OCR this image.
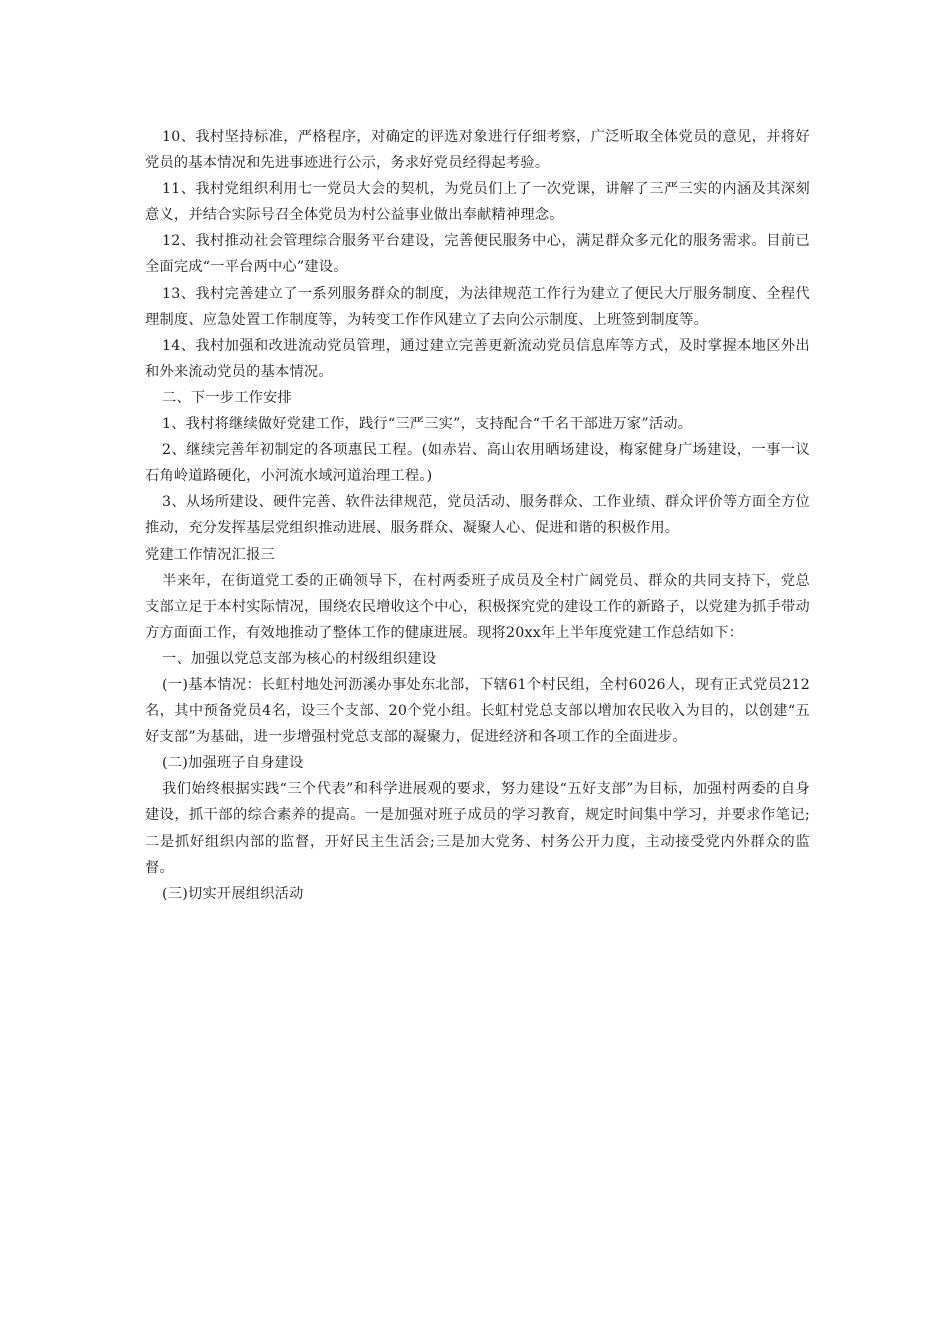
10、我村坚持标准，严格程序，对确定的评选对象进行仔细考察，广泛听取全体党员的意见，并将好党员的基本情况和先进事迹进行公示，务求好党员经得起考验。

11、我村党组织利用七一党员大会的契机，为党员们上了一次党课，讲解了三严三实的内涵及其深刻意义，并结合实际号召全体党员为村公益事业做出奉献精神理念。

12、我村推动社会管理综合服务平台建设，完善便民服务中心，满足群众多元化的服务需求。目前已全面完成“一平台两中心”建设。

13、我村完善建立了一系列服务群众的制度，为法律规范工作行为建立了便民大厅服务制度、全程代理制度、应急处置工作制度等，为转变工作作风建立了去向公示制度、上班签到制度等。

14、我村加强和改进流动党员管理，通过建立完善更新流动党员信息库等方式，及时掌握本地区外出和外来流动党员的基本情况。

二、下一步工作安排

1、我村将继续做好党建工作，践行“三严三实”，支持配合“千名干部进万家”活动。

2、继续完善年初制定的各项惠民工程。(如赤岩、高山农用晒场建设，梅家健身广场建设，一事一议石角岭道路硬化，小河流水域河道治理工程。)

3、从场所建设、硬件完善、软件法律规范，党员活动、服务群众、工作业绩、群众评价等方面全方位推动，充分发挥基层党组织推动进展、服务群众、凝聚人心、促进和谐的积极作用。

党建工作情况汇报三

半来年，在街道党工委的正确领导下，在村两委班子成员及全村广阔党员、群众的共同支持下，党总支部立足于本村实际情况，围绕农民增收这个中心，积极探究党的建设工作的新路子，以党建为抓手带动方方面面工作，有效地推动了整体工作的健康进展。现将20xx年上半年度党建工作总结如下：

一、加强以党总支部为核心的村级组织建设

(一)基本情况：长虹村地处河沥溪办事处东北部，下辖61个村民组，全村6026人，现有正式党员212名，其中预备党员4名，设三个支部、20个党小组。长虹村党总支部以增加农民收入为目的，以创建“五好支部”为基础，进一步增强村党总支部的凝聚力，促进经济和各项工作的全面进步。

(二)加强班子自身建设

我们始终根据实践“三个代表”和科学进展观的要求，努力建设“五好支部”为目标，加强村两委的自身建设，抓干部的综合素养的提高。一是加强对班子成员的学习教育，规定时间集中学习，并要求作笔记;二是抓好组织内部的监督，开好民主生活会;三是加大党务、村务公开力度，主动接受党内外群众的监督。

(三)切实开展组织活动
